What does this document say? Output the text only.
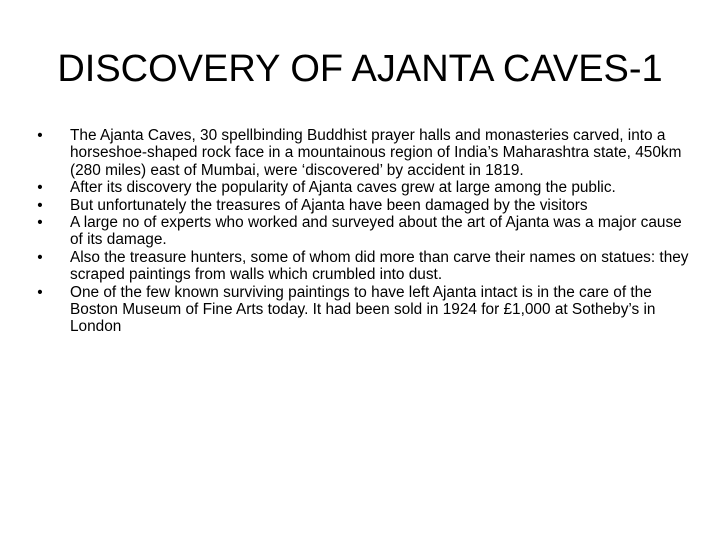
DISCOVERY OF AJANTA CAVES-1
• The Ajanta Caves, 30 spellbinding Buddhist prayer halls and monasteries carved, into a horseshoe-shaped rock face in a mountainous region of India’s Maharashtra state, 450km (280 miles) east of Mumbai, were ‘discovered’ by accident in 1819.
• After its discovery the popularity of Ajanta caves grew at large among the public.
• But unfortunately the treasures of Ajanta have been damaged by the visitors
• A large no of experts who worked and surveyed about the art of Ajanta was a major cause of its damage.
• Also the treasure hunters, some of whom did more than carve their names on statues: they scraped paintings from walls which crumbled into dust.
• One of the few known surviving paintings to have left Ajanta intact is in the care of the Boston Museum of Fine Arts today. It had been sold in 1924 for £1,000 at Sotheby’s in London
